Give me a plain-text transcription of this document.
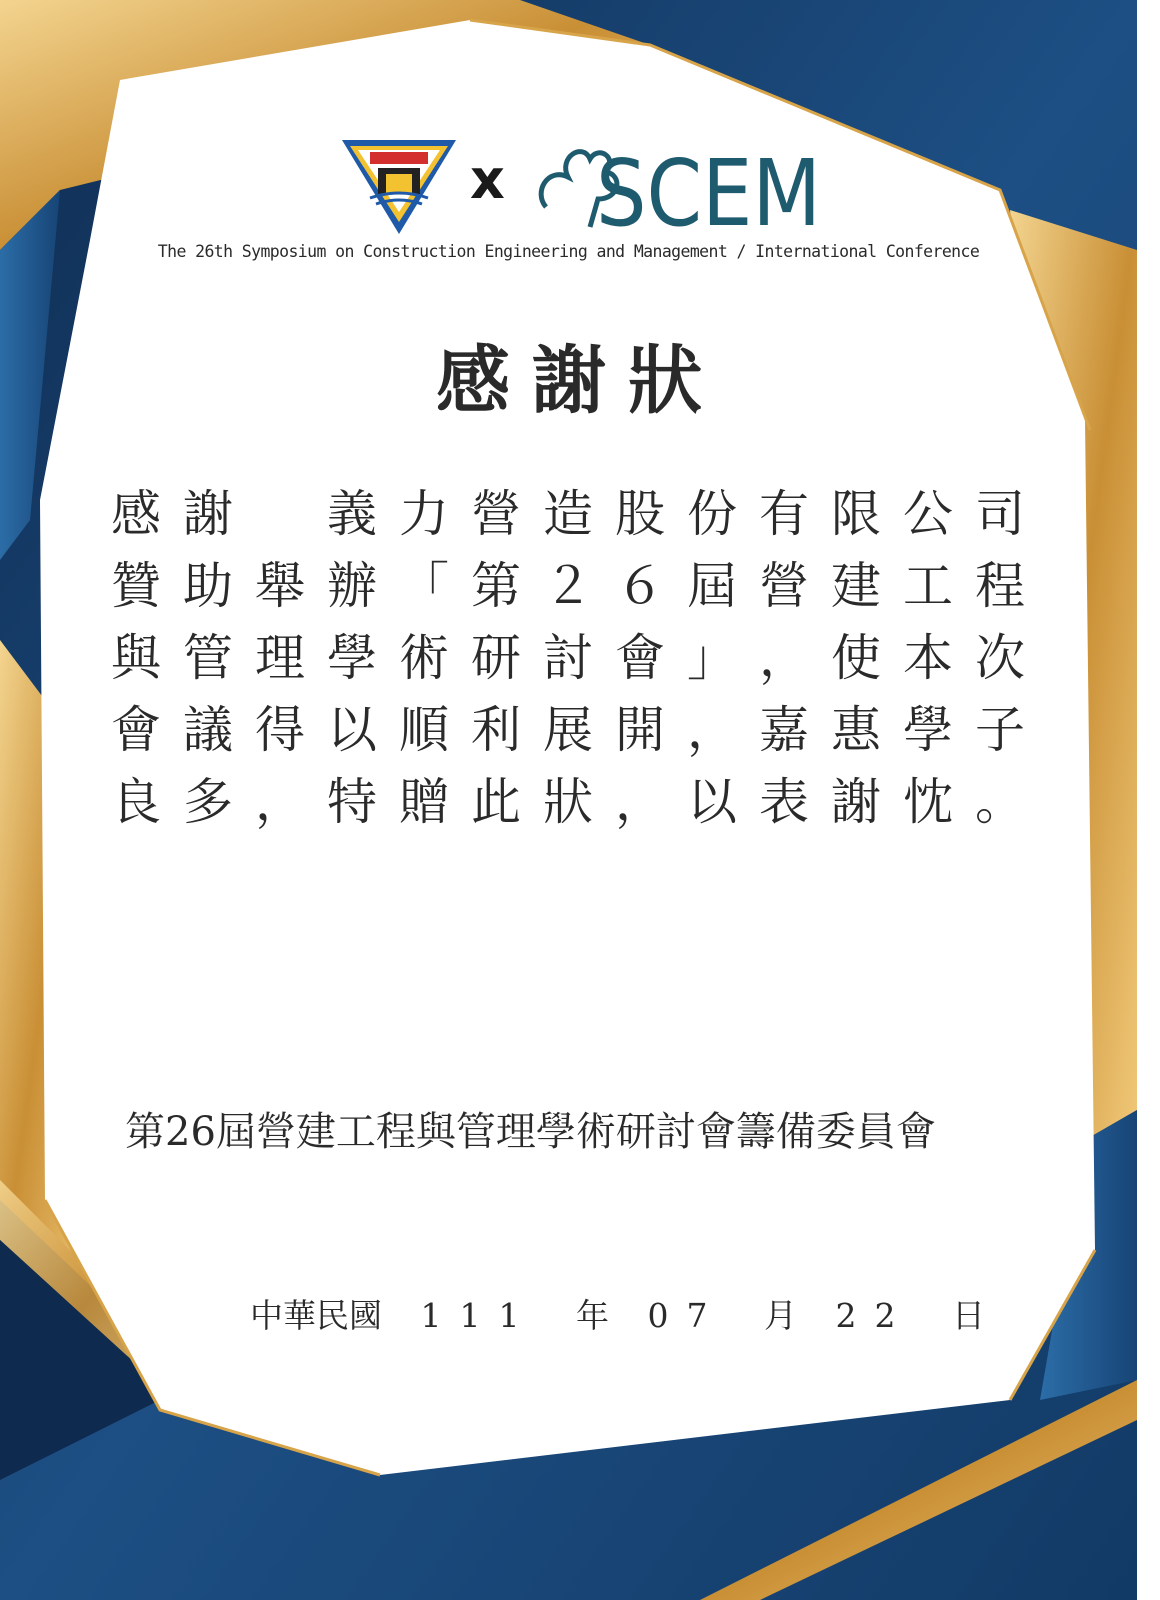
x SCEM
The 26th Symposium on Construction Engineering and Management / International Conference
感謝狀
感 謝　 義 力 營 造 股 份 有 限 公 司
贊 助 舉 辦 「 第 ２ ６ 屆 營 建 工 程
與 管 理 學 術 研 討 會 」 ， 使 本 次
會 議 得 以 順 利 展 開 ， 嘉 惠 學 子
良 多 ， 特 贈 此 狀 ， 以 表 謝 忱 。
第26屆營建工程與管理學術研討會籌備委員會
中華民國 111 年 07 月 22 日
